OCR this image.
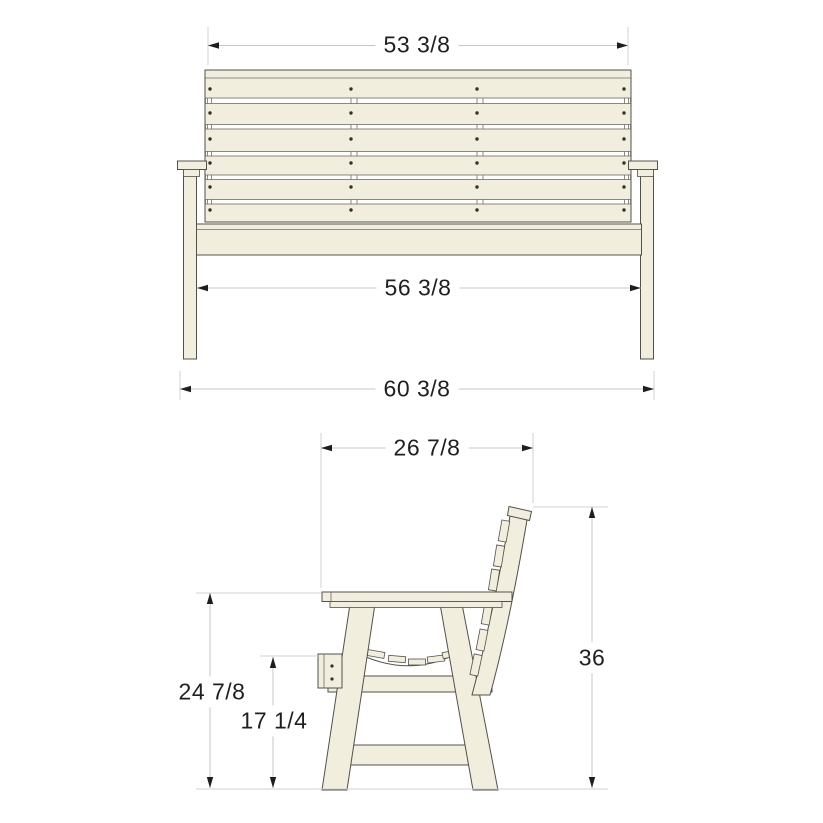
53 3/8
56 3/8
60 3/8
26 7/8
36
24 7/8
17 1/4
